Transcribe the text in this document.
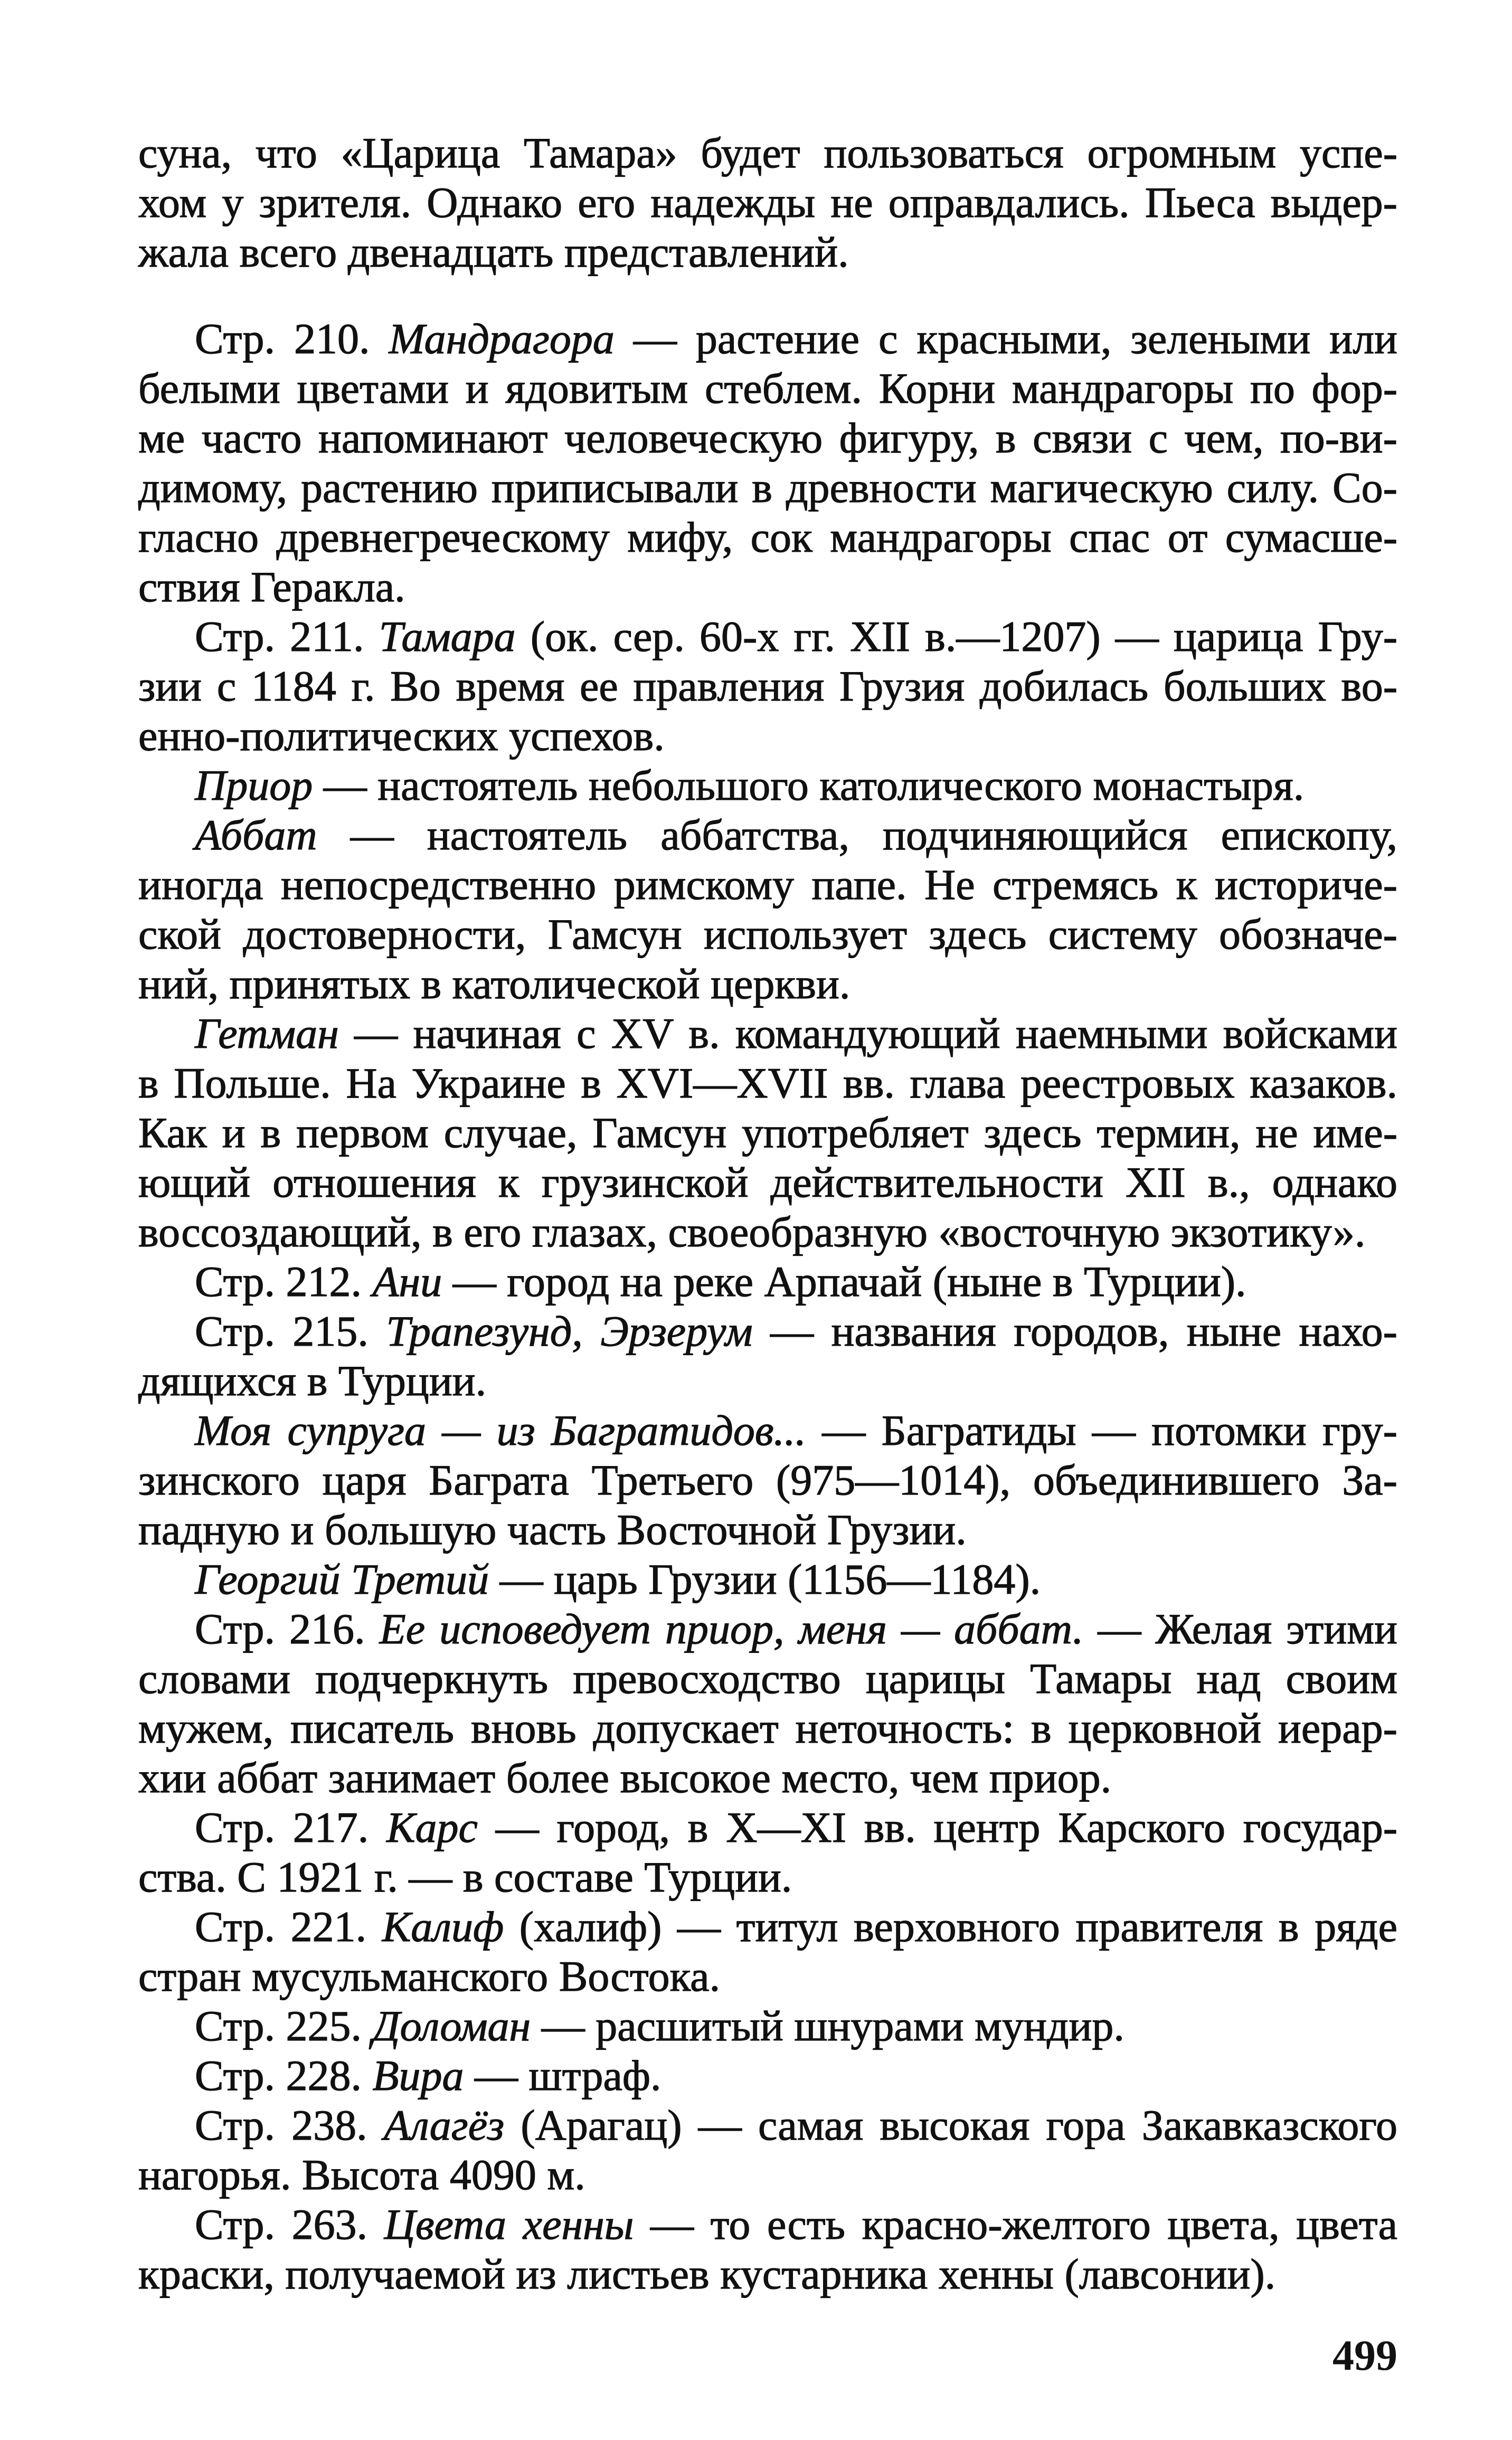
суна, что «Царица Тамара» будет пользоваться огромным успе-
хом у зрителя. Однако его надежды не оправдались. Пьеса выдер-
жала всего двенадцать представлений.
Стр. 210. Мандрагора — растение с красными, зелеными или
белыми цветами и ядовитым стеблем. Корни мандрагоры по фор-
ме часто напоминают человеческую фигуру, в связи с чем, по-ви-
димому, растению приписывали в древности магическую силу. Со-
гласно древнегреческому мифу, сок мандрагоры спас от сумасше-
ствия Геракла.
Стр. 211. Тамара (ок. сер. 60-х гг. XII в.—1207) — царица Гру-
зии с 1184 г. Во время ее правления Грузия добилась больших во-
енно-политических успехов.
Приор — настоятель небольшого католического монастыря.
Аббат — настоятель аббатства, подчиняющийся епископу,
иногда непосредственно римскому папе. Не стремясь к историче-
ской достоверности, Гамсун использует здесь систему обозначе-
ний, принятых в католической церкви.
Гетман — начиная с XV в. командующий наемными войсками
в Польше. На Украине в XVI—XVII вв. глава реестровых казаков.
Как и в первом случае, Гамсун употребляет здесь термин, не име-
ющий отношения к грузинской действительности XII в., однако
воссоздающий, в его глазах, своеобразную «восточную экзотику».
Стр. 212. Ани — город на реке Арпачай (ныне в Турции).
Стр. 215. Трапезунд, Эрзерум — названия городов, ныне нахо-
дящихся в Турции.
Моя супруга — из Багратидов... — Багратиды — потомки гру-
зинского царя Баграта Третьего (975—1014), объединившего За-
падную и большую часть Восточной Грузии.
Георгий Третий — царь Грузии (1156—1184).
Стр. 216. Ее исповедует приор, меня — аббат. — Желая этими
словами подчеркнуть превосходство царицы Тамары над своим
мужем, писатель вновь допускает неточность: в церковной иерар-
хии аббат занимает более высокое место, чем приор.
Стр. 217. Карс — город, в X—XI вв. центр Карского государ-
ства. С 1921 г. — в составе Турции.
Стр. 221. Калиф (халиф) — титул верховного правителя в ряде
стран мусульманского Востока.
Стр. 225. Доломан — расшитый шнурами мундир.
Стр. 228. Вира — штраф.
Стр. 238. Алагёз (Арагац) — самая высокая гора Закавказского
нагорья. Высота 4090 м.
Стр. 263. Цвета хенны — то есть красно-желтого цвета, цвета
краски, получаемой из листьев кустарника хенны (лавсонии).
499
